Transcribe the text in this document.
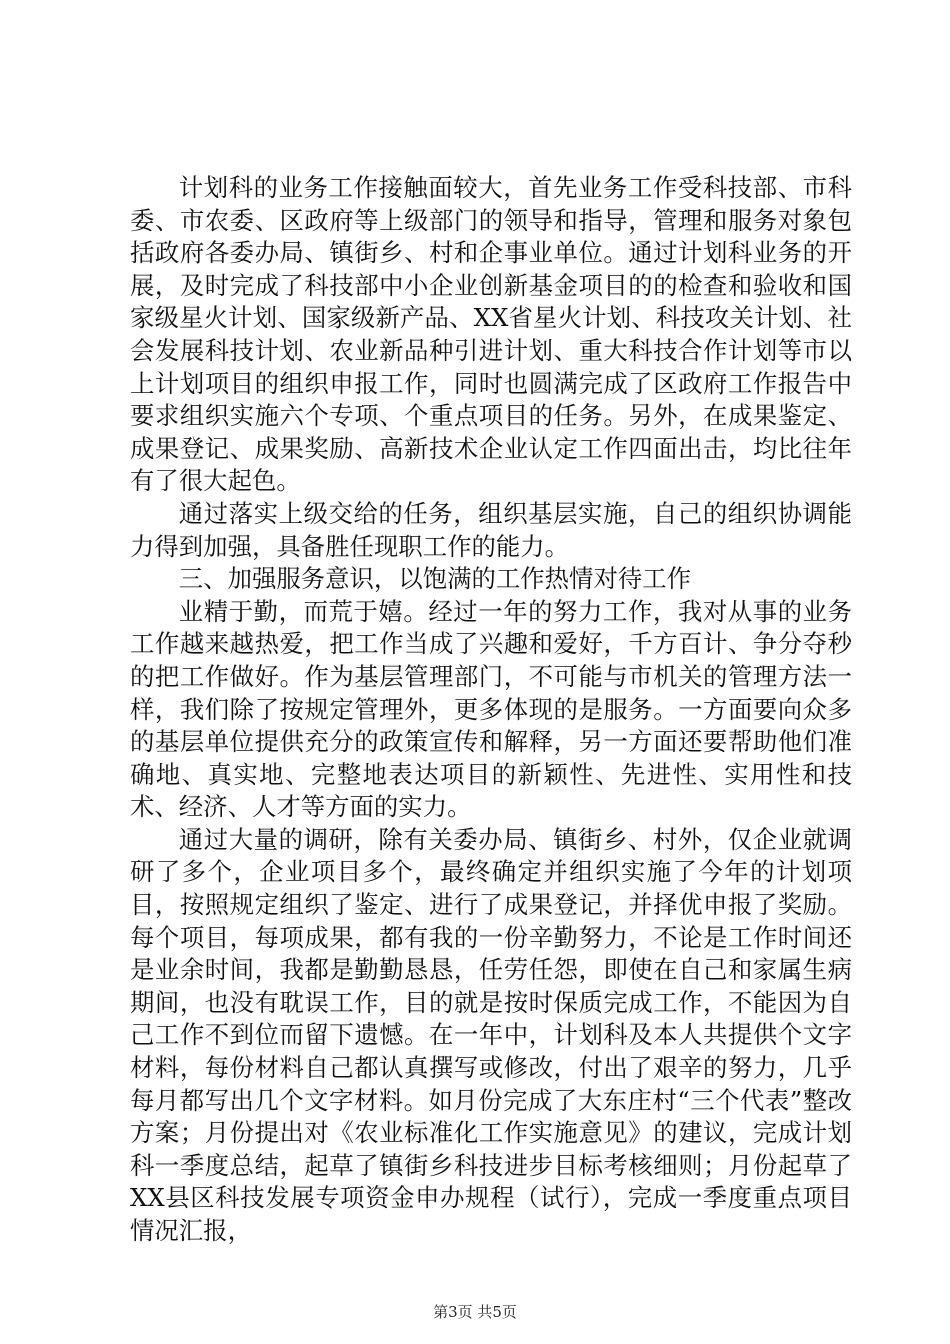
计划科的业务工作接触面较大，首先业务工作受科技部、市科委、市农委、区政府等上级部门的领导和指导，管理和服务对象包括政府各委办局、镇街乡、村和企事业单位。通过计划科业务的开展，及时完成了科技部中小企业创新基金项目的的检查和验收和国家级星火计划、国家级新产品、XX省星火计划、科技攻关计划、社会发展科技计划、农业新品种引进计划、重大科技合作计划等市以上计划项目的组织申报工作，同时也圆满完成了区政府工作报告中要求组织实施六个专项、个重点项目的任务。另外，在成果鉴定、成果登记、成果奖励、高新技术企业认定工作四面出击，均比往年有了很大起色。

通过落实上级交给的任务，组织基层实施，自己的组织协调能力得到加强，具备胜任现职工作的能力。

三、加强服务意识，以饱满的工作热情对待工作

业精于勤，而荒于嬉。经过一年的努力工作，我对从事的业务工作越来越热爱，把工作当成了兴趣和爱好，千方百计、争分夺秒的把工作做好。作为基层管理部门，不可能与市机关的管理方法一样，我们除了按规定管理外，更多体现的是服务。一方面要向众多的基层单位提供充分的政策宣传和解释，另一方面还要帮助他们准确地、真实地、完整地表达项目的新颖性、先进性、实用性和技术、经济、人才等方面的实力。

通过大量的调研，除有关委办局、镇街乡、村外，仅企业就调研了多个，企业项目多个，最终确定并组织实施了今年的计划项目，按照规定组织了鉴定、进行了成果登记，并择优申报了奖励。每个项目，每项成果，都有我的一份辛勤努力，不论是工作时间还是业余时间，我都是勤勤恳恳，任劳任怨，即使在自己和家属生病期间，也没有耽误工作，目的就是按时保质完成工作，不能因为自己工作不到位而留下遗憾。在一年中，计划科及本人共提供个文字材料，每份材料自己都认真撰写或修改，付出了艰辛的努力，几乎每月都写出几个文字材料。如月份完成了大东庄村“三个代表”整改方案；月份提出对《农业标准化工作实施意见》的建议，完成计划科一季度总结，起草了镇街乡科技进步目标考核细则；月份起草了XX县区科技发展专项资金申办规程（试行），完成一季度重点项目情况汇报，

第3页 共5页
